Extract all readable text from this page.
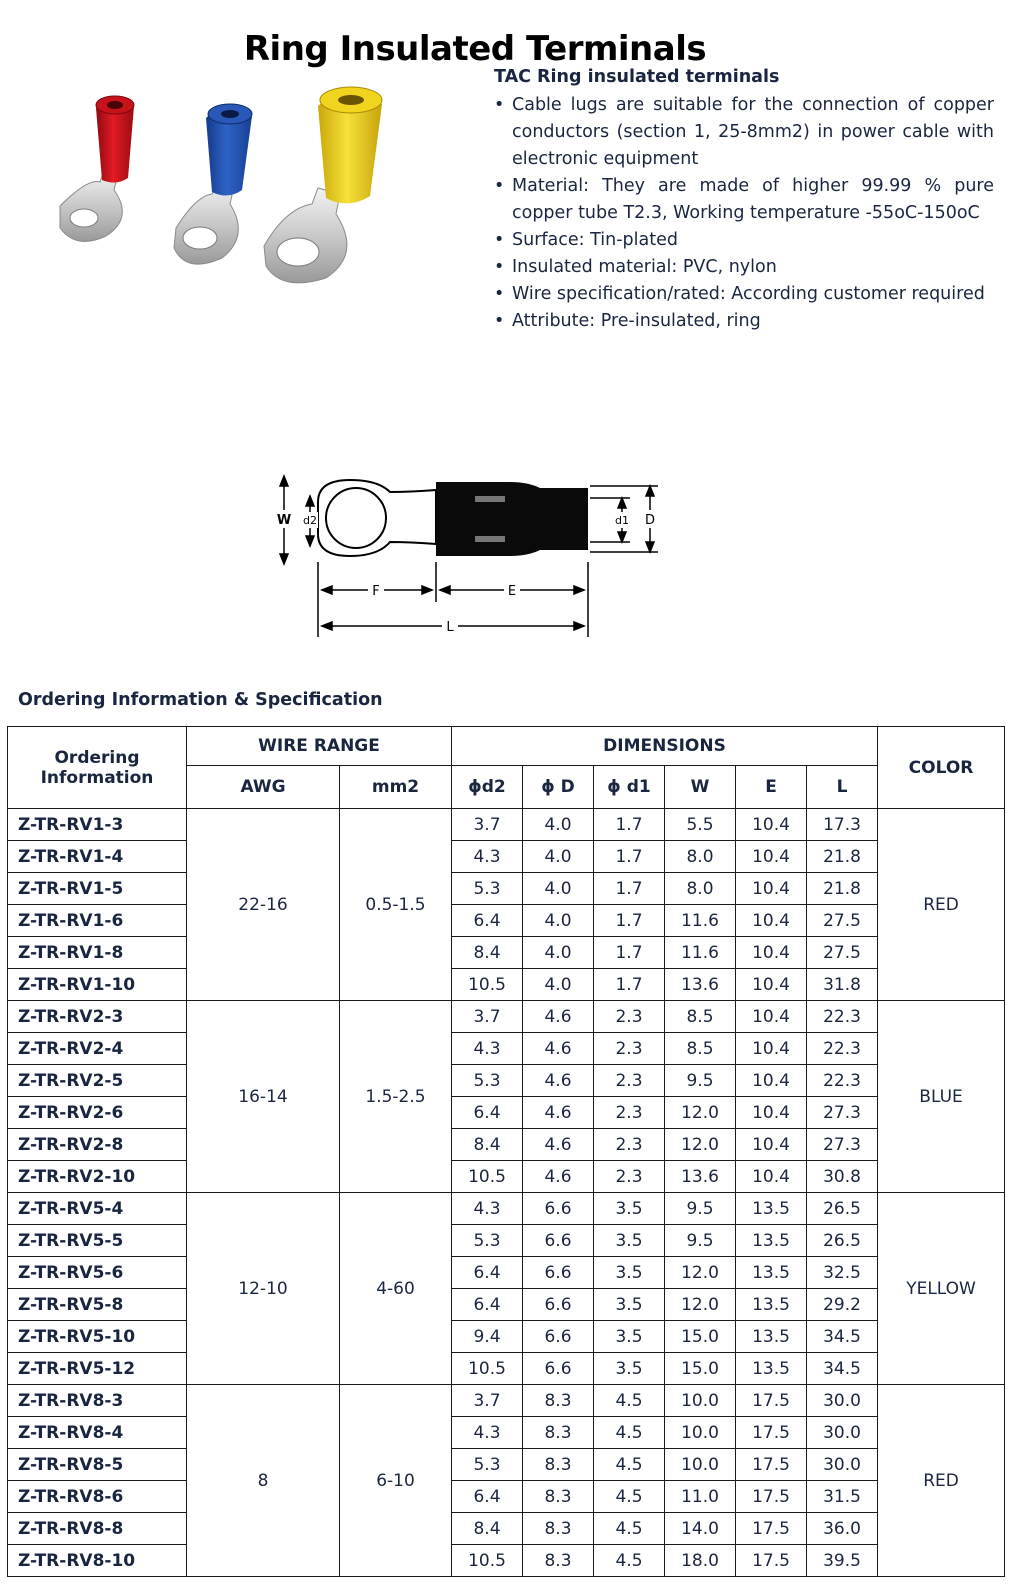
Ring Insulated Terminals
TAC Ring insulated terminals
• Cable lugs are suitable for the connection of copper conductors (section 1, 25-8mm2) in power cable with electronic equipment
• Material: They are made of higher 99.99 % pure copper tube T2.3, Working temperature -55oC-150oC
• Surface: Tin-plated
• Insulated material: PVC, nylon
• Wire specification/rated: According customer required
• Attribute: Pre-insulated, ring
W d2	d1 D
F	E
L
Ordering Information & Specification
Ordering Information	WIRE RANGE		DIMENSIONS						COLOR
	AWG	mm2	ϕd2	ϕ D	ϕ d1	W	E	L	
Z-TR-RV1-3	22-16	0.5-1.5	3.7	4.0	1.7	5.5	10.4	17.3	RED
Z-TR-RV1-4			4.3	4.0	1.7	8.0	10.4	21.8	
Z-TR-RV1-5			5.3	4.0	1.7	8.0	10.4	21.8	
Z-TR-RV1-6			6.4	4.0	1.7	11.6	10.4	27.5	
Z-TR-RV1-8			8.4	4.0	1.7	11.6	10.4	27.5	
Z-TR-RV1-10			10.5	4.0	1.7	13.6	10.4	31.8	
Z-TR-RV2-3	16-14	1.5-2.5	3.7	4.6	2.3	8.5	10.4	22.3	BLUE
Z-TR-RV2-4			4.3	4.6	2.3	8.5	10.4	22.3	
Z-TR-RV2-5			5.3	4.6	2.3	9.5	10.4	22.3	
Z-TR-RV2-6			6.4	4.6	2.3	12.0	10.4	27.3	
Z-TR-RV2-8			8.4	4.6	2.3	12.0	10.4	27.3	
Z-TR-RV2-10			10.5	4.6	2.3	13.6	10.4	30.8	
Z-TR-RV5-4	12-10	4-60	4.3	6.6	3.5	9.5	13.5	26.5	YELLOW
Z-TR-RV5-5			5.3	6.6	3.5	9.5	13.5	26.5	
Z-TR-RV5-6			6.4	6.6	3.5	12.0	13.5	32.5	
Z-TR-RV5-8			6.4	6.6	3.5	12.0	13.5	29.2	
Z-TR-RV5-10			9.4	6.6	3.5	15.0	13.5	34.5	
Z-TR-RV5-12			10.5	6.6	3.5	15.0	13.5	34.5	
Z-TR-RV8-3	8	6-10	3.7	8.3	4.5	10.0	17.5	30.0	RED
Z-TR-RV8-4			4.3	8.3	4.5	10.0	17.5	30.0	
Z-TR-RV8-5			5.3	8.3	4.5	10.0	17.5	30.0	
Z-TR-RV8-6			6.4	8.3	4.5	11.0	17.5	31.5	
Z-TR-RV8-8			8.4	8.3	4.5	14.0	17.5	36.0	
Z-TR-RV8-10			10.5	8.3	4.5	18.0	17.5	39.5	
